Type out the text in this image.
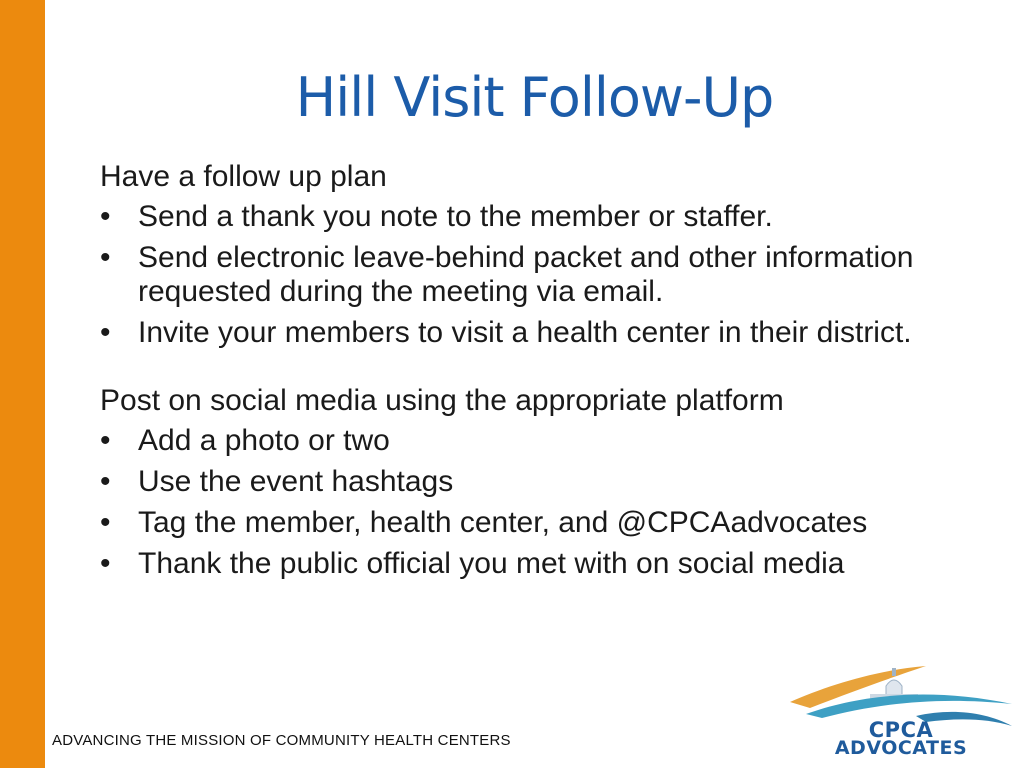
Hill Visit Follow-Up

Have a follow up plan

• Send a thank you note to the member or staffer.
• Send electronic leave-behind packet and other information requested during the meeting via email.
• Invite your members to visit a health center in their district.

Post on social media using the appropriate platform

• Add a photo or two
• Use the event hashtags
• Tag the member, health center, and @CPCAadvocates
• Thank the public official you met with on social media
ADVANCING THE MISSION OF COMMUNITY HEALTH CENTERS	CPCA
ADVOCATES
